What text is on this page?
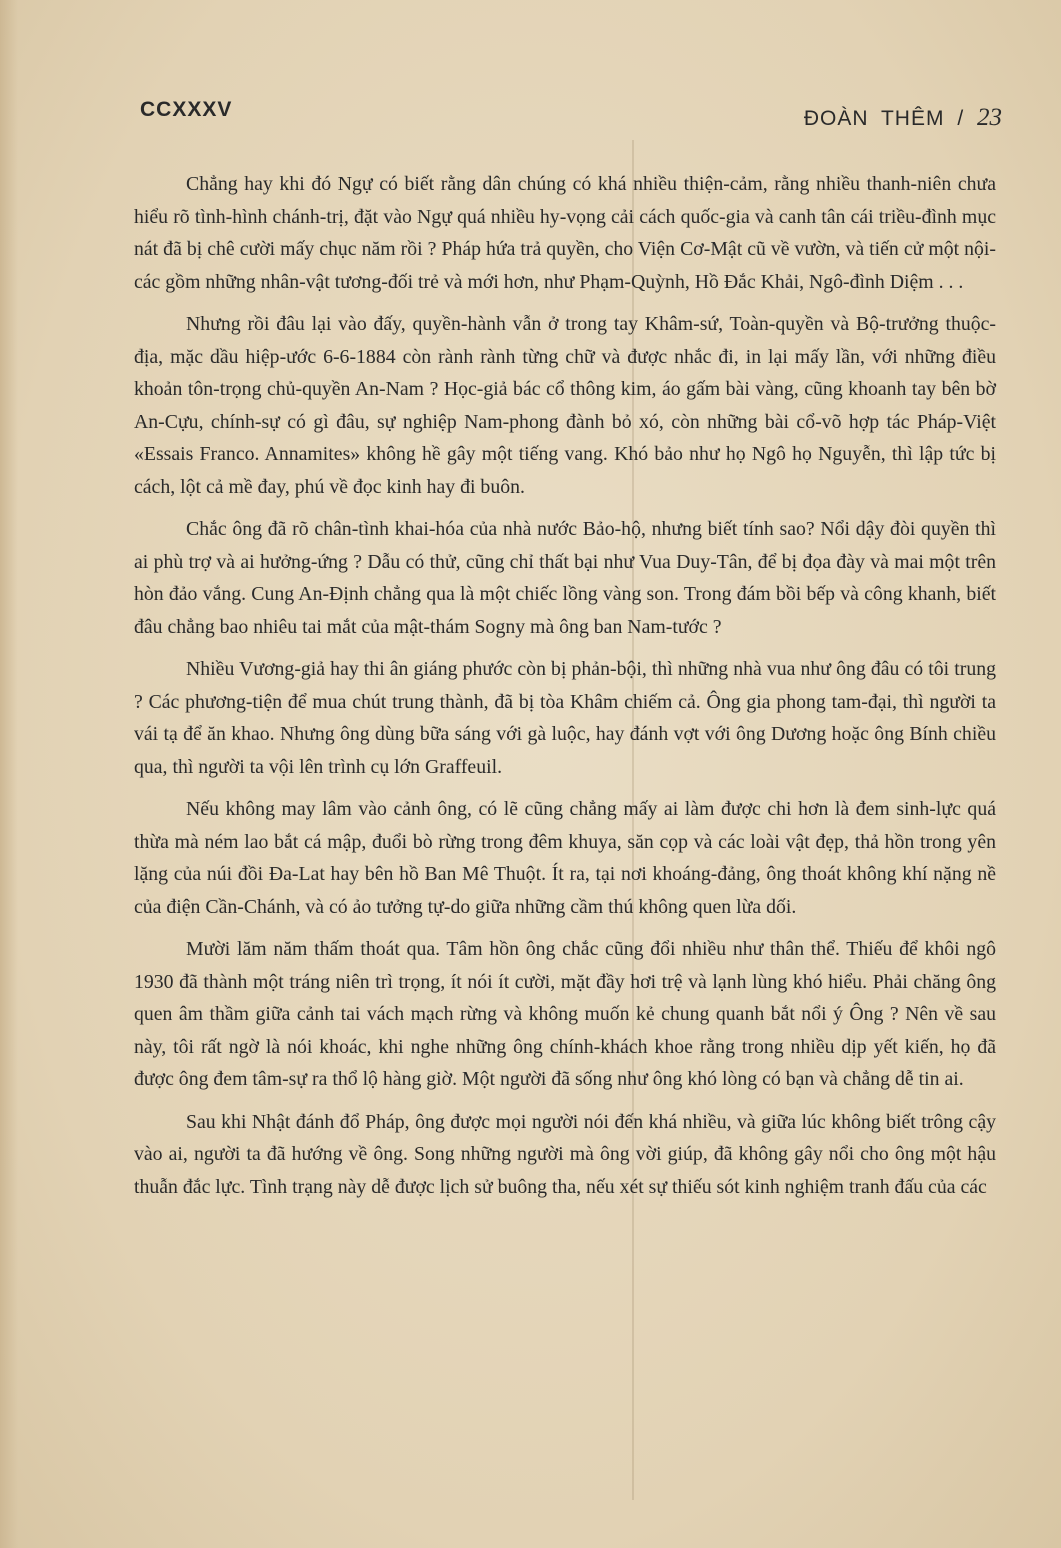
CCXXXV	ĐOÀN THÊM / 23

Chẳng hay khi đó Ngự có biết rằng dân chúng có khá nhiều thiện-cảm, rằng nhiều thanh-niên chưa hiểu rõ tình-hình chánh-trị, đặt vào Ngự quá nhiều hy-vọng cải cách quốc-gia và canh tân cái triều-đình mục nát đã bị chê cười mấy chục năm rồi ? Pháp hứa trả quyền, cho Viện Cơ-Mật cũ về vườn, và tiến cử một nội-các gồm những nhân-vật tương-đối trẻ và mới hơn, như Phạm-Quỳnh, Hồ Đắc Khải, Ngô-đình Diệm . . .

Nhưng rồi đâu lại vào đấy, quyền-hành vẫn ở trong tay Khâm-sứ, Toàn-quyền và Bộ-trưởng thuộc-địa, mặc dầu hiệp-ước 6-6-1884 còn rành rành từng chữ và được nhắc đi, in lại mấy lần, với những điều khoản tôn-trọng chủ-quyền An-Nam ? Học-giả bác cổ thông kim, áo gấm bài vàng, cũng khoanh tay bên bờ An-Cựu, chính-sự có gì đâu, sự nghiệp Nam-phong đành bỏ xó, còn những bài cổ-võ hợp tác Pháp-Việt «Essais Franco. Annamites» không hề gây một tiếng vang. Khó bảo như họ Ngô họ Nguyễn, thì lập tức bị cách, lột cả mề đay, phú về đọc kinh hay đi buôn.

Chắc ông đã rõ chân-tình khai-hóa của nhà nước Bảo-hộ, nhưng biết tính sao? Nổi dậy đòi quyền thì ai phù trợ và ai hưởng-ứng ? Dẫu có thử, cũng chỉ thất bại như Vua Duy-Tân, để bị đọa đày và mai một trên hòn đảo vắng. Cung An-Định chẳng qua là một chiếc lồng vàng son. Trong đám bồi bếp và công khanh, biết đâu chẳng bao nhiêu tai mắt của mật-thám Sogny mà ông ban Nam-tước ?

Nhiều Vương-giả hay thi ân giáng phước còn bị phản-bội, thì những nhà vua như ông đâu có tôi trung ? Các phương-tiện để mua chút trung thành, đã bị tòa Khâm chiếm cả. Ông gia phong tam-đại, thì người ta vái tạ để ăn khao. Nhưng ông dùng bữa sáng với gà luộc, hay đánh vợt với ông Dương hoặc ông Bính chiều qua, thì người ta vội lên trình cụ lớn Graffeuil.

Nếu không may lâm vào cảnh ông, có lẽ cũng chẳng mấy ai làm được chi hơn là đem sinh-lực quá thừa mà ném lao bắt cá mập, đuổi bò rừng trong đêm khuya, săn cọp và các loài vật đẹp, thả hồn trong yên lặng của núi đồi Đa-Lat hay bên hồ Ban Mê Thuột. Ít ra, tại nơi khoáng-đảng, ông thoát không khí nặng nề của điện Cần-Chánh, và có ảo tưởng tự-do giữa những cầm thú không quen lừa dối.

Mười lăm năm thấm thoát qua. Tâm hồn ông chắc cũng đổi nhiều như thân thể. Thiếu để khôi ngô 1930 đã thành một tráng niên trì trọng, ít nói ít cười, mặt đầy hơi trệ và lạnh lùng khó hiểu. Phải chăng ông quen âm thầm giữa cảnh tai vách mạch rừng và không muốn kẻ chung quanh bắt nổi ý Ông ? Nên về sau này, tôi rất ngờ là nói khoác, khi nghe những ông chính-khách khoe rằng trong nhiều dịp yết kiến, họ đã được ông đem tâm-sự ra thổ lộ hàng giờ. Một người đã sống như ông khó lòng có bạn và chẳng dễ tin ai.

Sau khi Nhật đánh đổ Pháp, ông được mọi người nói đến khá nhiều, và giữa lúc không biết trông cậy vào ai, người ta đã hướng về ông. Song những người mà ông vời giúp, đã không gây nổi cho ông một hậu thuẫn đắc lực. Tình trạng này dễ được lịch sử buông tha, nếu xét sự thiếu sót kinh nghiệm tranh đấu của các
